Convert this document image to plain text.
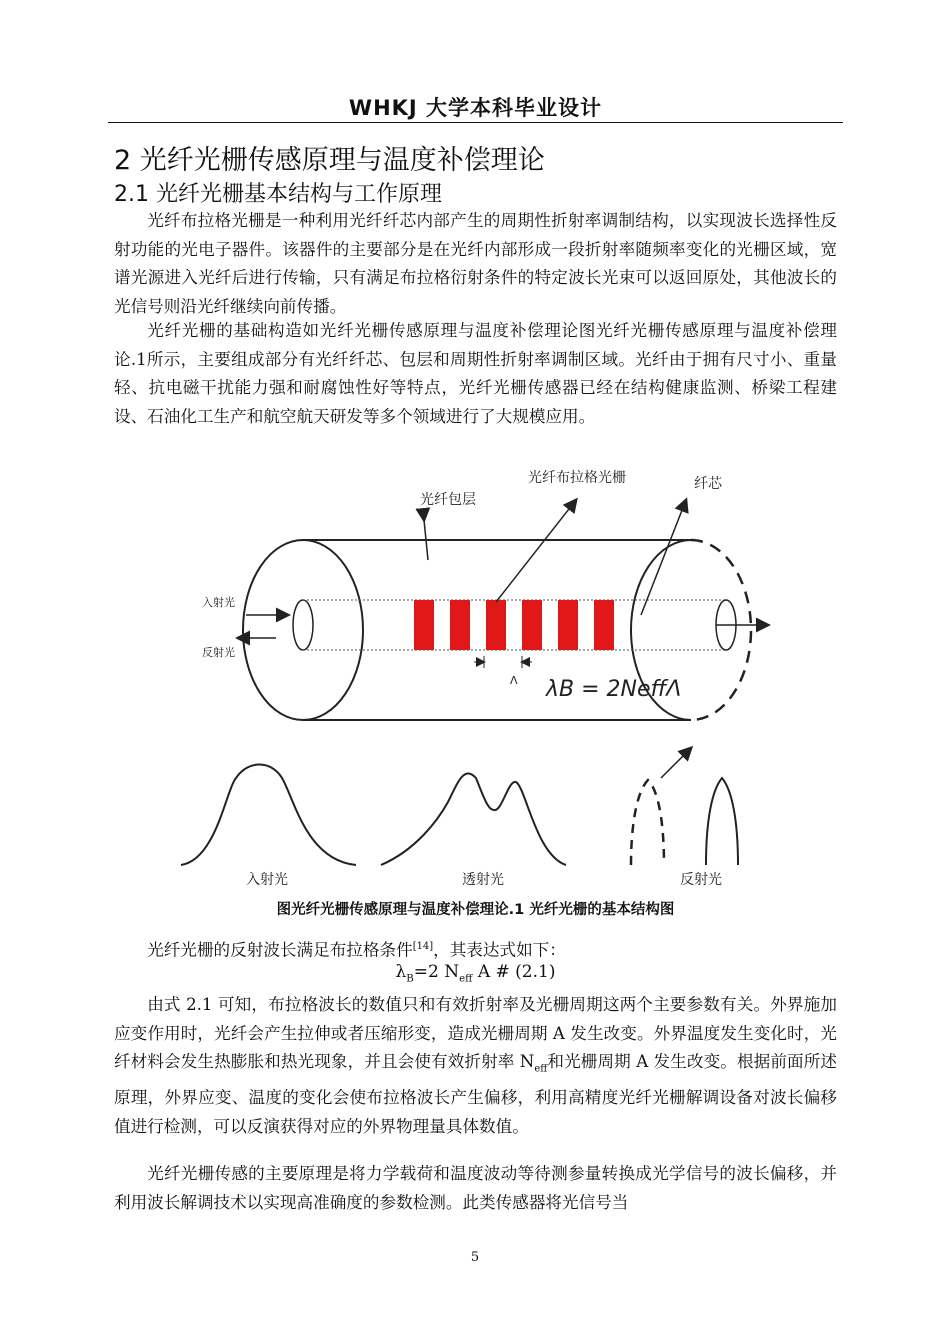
WHKJ 大学本科毕业设计
2 光纤光栅传感原理与温度补偿理论
2.1 光纤光栅基本结构与工作原理

光纤布拉格光栅是一种利用光纤纤芯内部产生的周期性折射率调制结构，以实现波长选择性反射功能的光电子器件。该器件的主要部分是在光纤内部形成一段折射率随频率变化的光栅区域，宽谱光源进入光纤后进行传输，只有满足布拉格衍射条件的特定波长光束可以返回原处，其他波长的光信号则沿光纤继续向前传播。

光纤光栅的基础构造如光纤光栅传感原理与温度补偿理论图光纤光栅传感原理与温度补偿理论.1所示，主要组成部分有光纤纤芯、包层和周期性折射率调制区域。光纤由于拥有尺寸小、重量轻、抗电磁干扰能力强和耐腐蚀性好等特点，光纤光栅传感器已经在结构健康监测、桥梁工程建设、石油化工生产和航空航天研发等多个领域进行了大规模应用。

光纤包层
光纤布拉格光栅	纤芯
入射光
反射光
Λ λB = 2NeffΛ
入射光	透射光	反射光
图光纤光栅传感原理与温度补偿理论.1 光纤光栅的基本结构图

光纤光栅的反射波长满足布拉格条件[14]，其表达式如下：

$\lambda_B=2$ $N_{eff}$ A # (2.1)

由式 2.1 可知，布拉格波长的数值只和有效折射率及光栅周期这两个主要参数有关。外界施加应变作用时，光纤会产生拉伸或者压缩形变，造成光栅周期 A 发生改变。外界温度发生变化时，光纤材料会发生热膨胀和热光现象，并且会使有效折射率 $N_{eff}$和光栅周期 A 发生改变。根据前面所述原理，外界应变、温度的变化会使布拉格波长产生偏移，利用高精度光纤光栅解调设备对波长偏移值进行检测，可以反演获得对应的外界物理量具体数值。

光纤光栅传感的主要原理是将力学载荷和温度波动等待测参量转换成光学信号的波长偏移，并利用波长解调技术以实现高准确度的参数检测。此类传感器将光信号当

5
